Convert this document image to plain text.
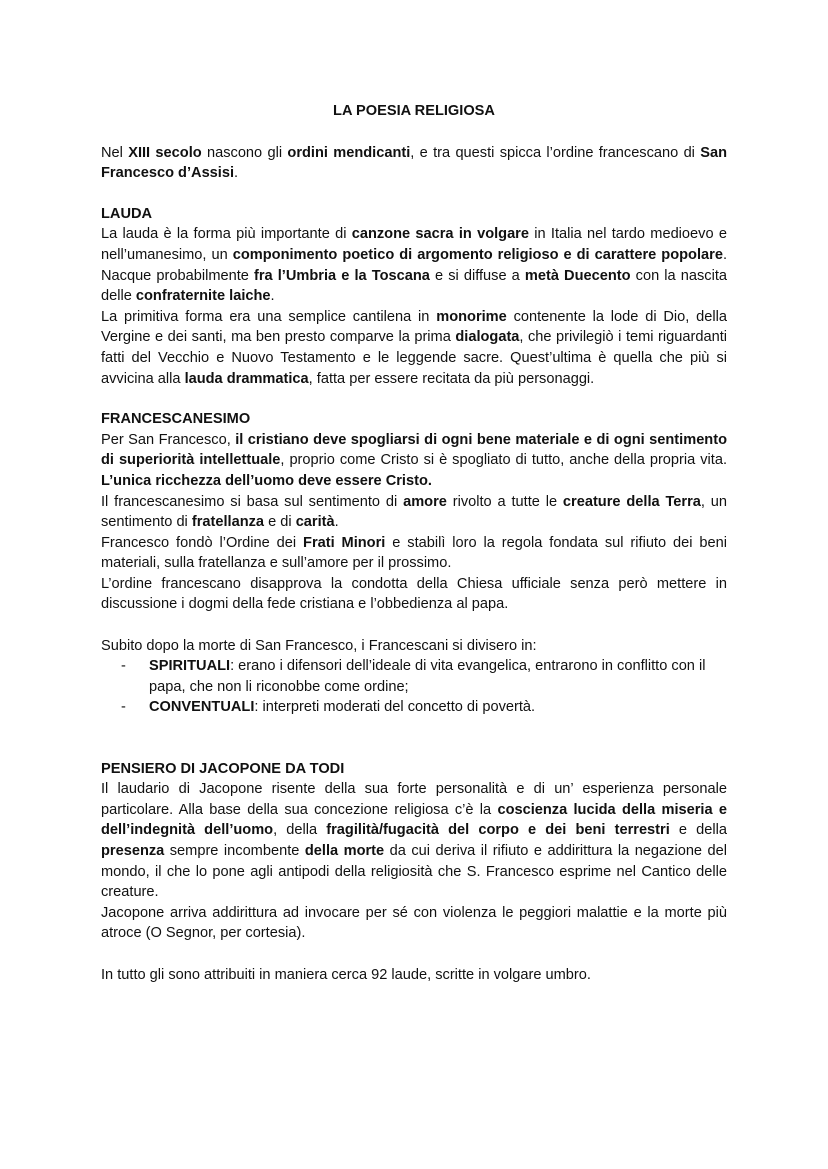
LA POESIA RELIGIOSA

Nel XIII secolo nascono gli ordini mendicanti, e tra questi spicca l’ordine francescano di San Francesco d’Assisi.

LAUDA

La lauda è la forma più importante di canzone sacra in volgare in Italia nel tardo medioevo e nell’umanesimo, un componimento poetico di argomento religioso e di carattere popolare. Nacque probabilmente fra l’Umbria e la Toscana e si diffuse a metà Duecento con la nascita delle confraternite laiche.

La primitiva forma era una semplice cantilena in monorime contenente la lode di Dio, della Vergine e dei santi, ma ben presto comparve la prima dialogata, che privilegiò i temi riguardanti fatti del Vecchio e Nuovo Testamento e le leggende sacre. Quest’ultima è quella che più si avvicina alla lauda drammatica, fatta per essere recitata da più personaggi.

FRANCESCANESIMO

Per San Francesco, il cristiano deve spogliarsi di ogni bene materiale e di ogni sentimento di superiorità intellettuale, proprio come Cristo si è spogliato di tutto, anche della propria vita. L’unica ricchezza dell’uomo deve essere Cristo.

Il francescanesimo si basa sul sentimento di amore rivolto a tutte le creature della Terra, un sentimento di fratellanza e di carità.

Francesco fondò l’Ordine dei Frati Minori e stabilì loro la regola fondata sul rifiuto dei beni materiali, sulla fratellanza e sull’amore per il prossimo.

L’ordine francescano disapprova la condotta della Chiesa ufficiale senza però mettere in discussione i dogmi della fede cristiana e l’obbedienza al papa.

Subito dopo la morte di San Francesco, i Francescani si divisero in:

- SPIRITUALI: erano i difensori dell’ideale di vita evangelica, entrarono in conflitto con il papa, che non li riconobbe come ordine;
- CONVENTUALI: interpreti moderati del concetto di povertà.

PENSIERO DI JACOPONE DA TODI

Il laudario di Jacopone risente della sua forte personalità e di un’ esperienza personale particolare. Alla base della sua concezione religiosa c’è la coscienza lucida della miseria e dell’indegnità dell’uomo, della fragilità/fugacità del corpo e dei beni terrestri e della presenza sempre incombente della morte da cui deriva il rifiuto e addirittura la negazione del mondo, il che lo pone agli antipodi della religiosità che S. Francesco esprime nel Cantico delle creature.

Jacopone arriva addirittura ad invocare per sé con violenza le peggiori malattie e la morte più atroce (O Segnor, per cortesia).

In tutto gli sono attribuiti in maniera cerca 92 laude, scritte in volgare umbro.
